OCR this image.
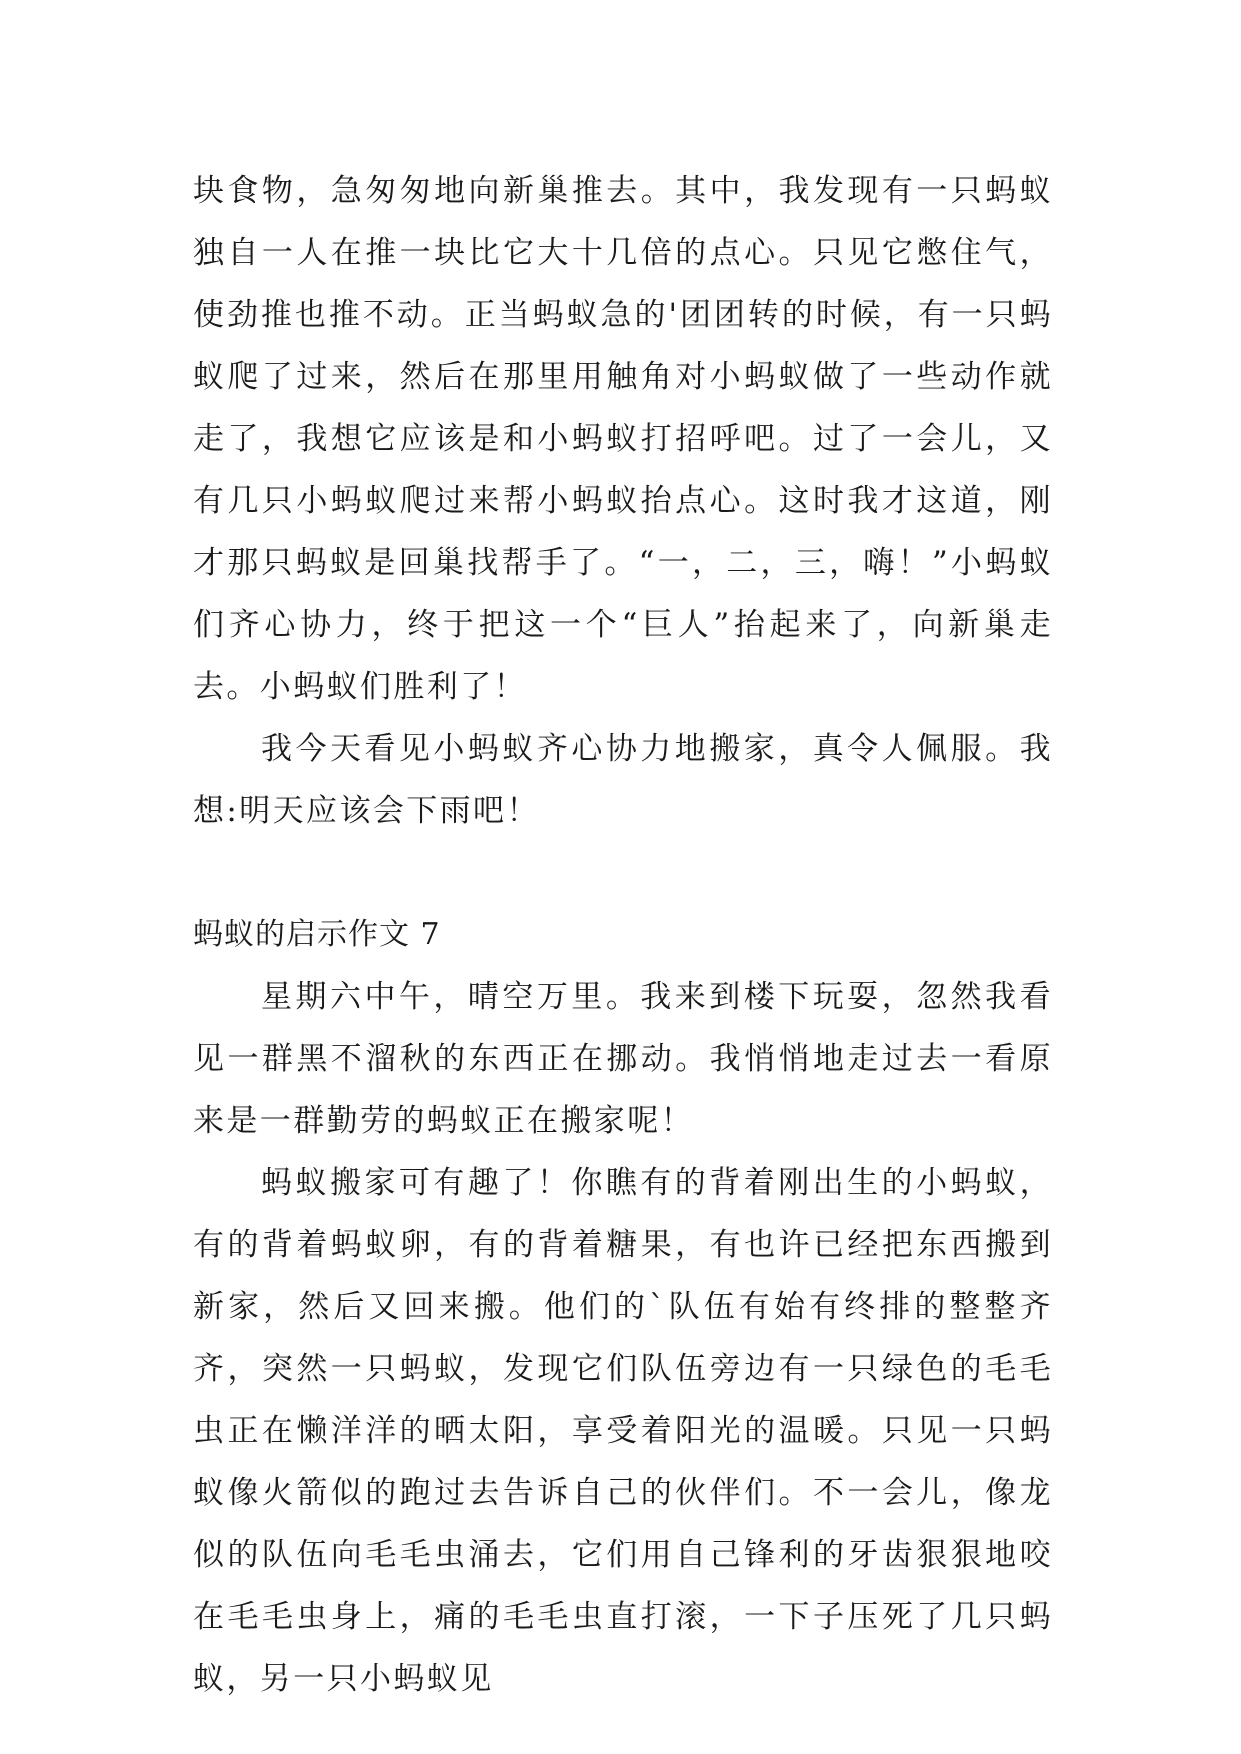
块食物，急匆匆地向新巢推去。其中，我发现有一只蚂蚁独自一人在推一块比它大十几倍的点心。只见它憋住气，使劲推也推不动。正当蚂蚁急的'团团转的时候，有一只蚂蚁爬了过来，然后在那里用触角对小蚂蚁做了一些动作就走了，我想它应该是和小蚂蚁打招呼吧。过了一会儿，又有几只小蚂蚁爬过来帮小蚂蚁抬点心。这时我才这道，刚才那只蚂蚁是回巢找帮手了。“一，二，三，嗨！”小蚂蚁们齐心协力，终于把这一个“巨人”抬起来了，向新巢走去。小蚂蚁们胜利了！

我今天看见小蚂蚁齐心协力地搬家，真令人佩服。我想:明天应该会下雨吧！

蚂蚁的启示作文 7

星期六中午，晴空万里。我来到楼下玩耍，忽然我看见一群黑不溜秋的东西正在挪动。我悄悄地走过去一看原来是一群勤劳的蚂蚁正在搬家呢！

蚂蚁搬家可有趣了！你瞧有的背着刚出生的小蚂蚁，有的背着蚂蚁卵，有的背着糖果，有也许已经把东西搬到新家，然后又回来搬。他们的`队伍有始有终排的整整齐齐，突然一只蚂蚁，发现它们队伍旁边有一只绿色的毛毛虫正在懒洋洋的晒太阳，享受着阳光的温暖。只见一只蚂蚁像火箭似的跑过去告诉自己的伙伴们。不一会儿，像龙似的队伍向毛毛虫涌去，它们用自己锋利的牙齿狠狠地咬在毛毛虫身上，痛的毛毛虫直打滚，一下子压死了几只蚂蚁，另一只小蚂蚁见
